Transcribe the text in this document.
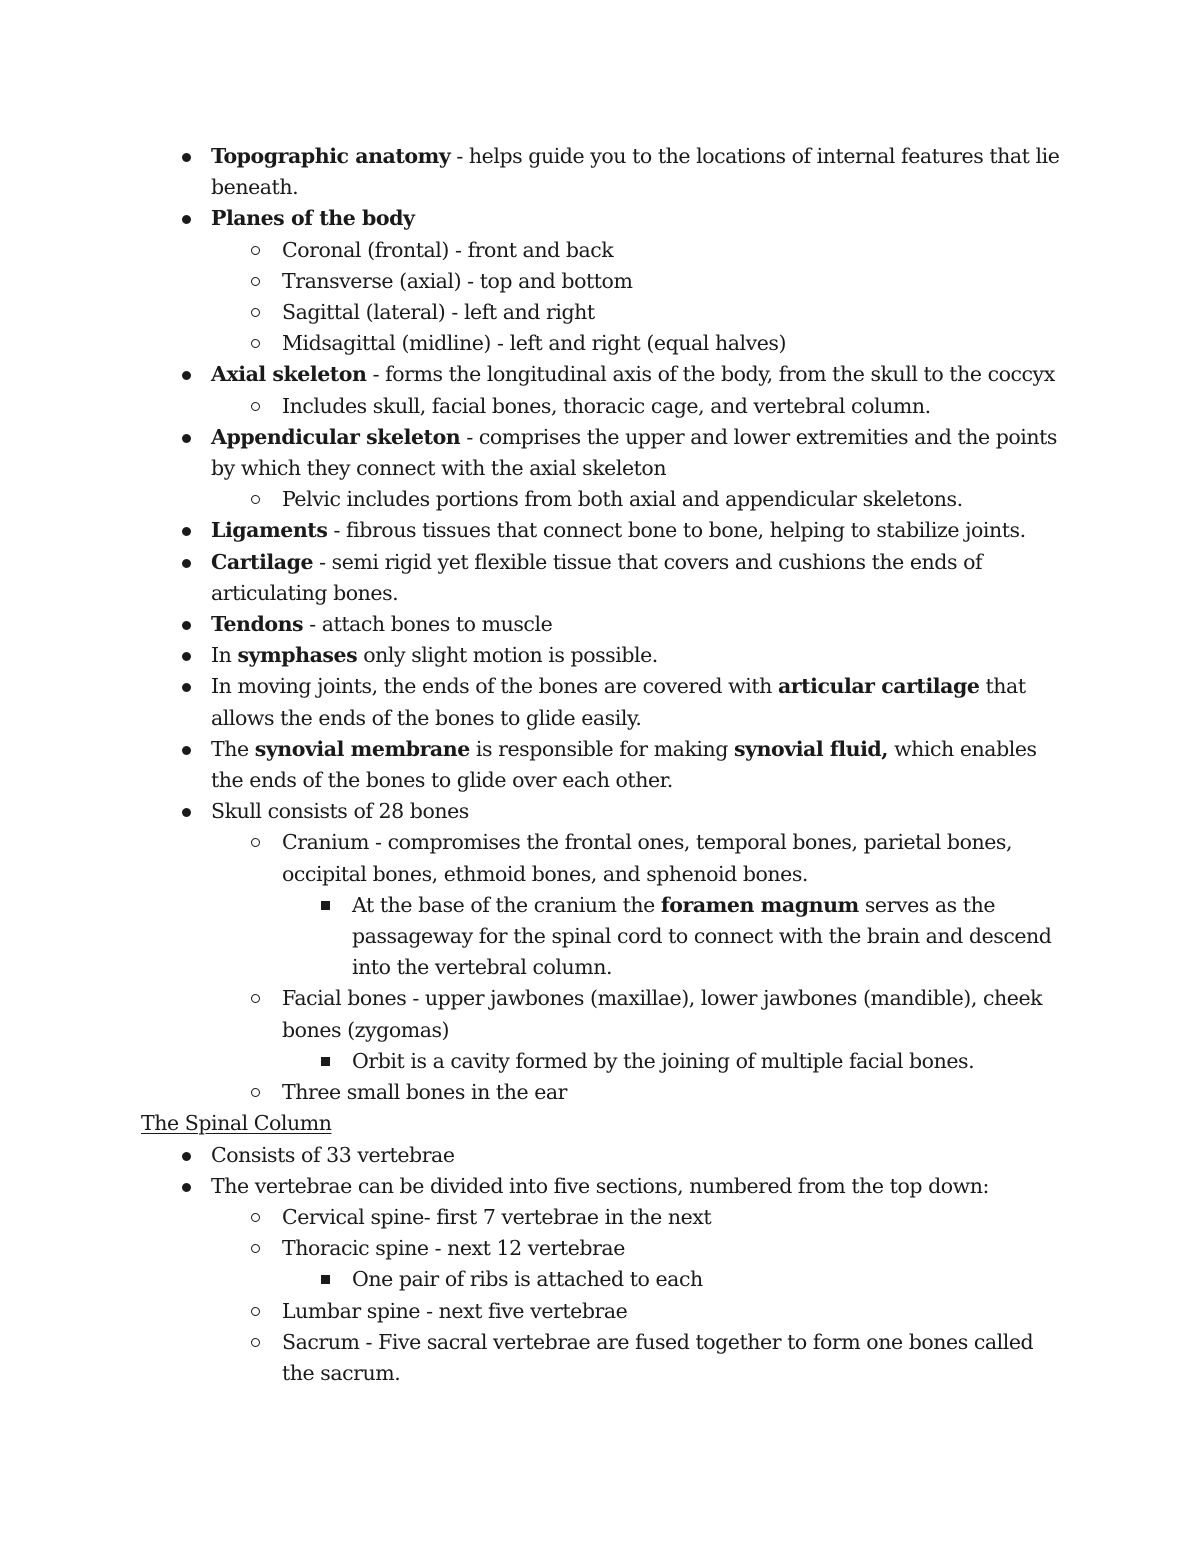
Topographic anatomy - helps guide you to the locations of internal features that lie beneath.
Planes of the body
Coronal (frontal) - front and back
Transverse (axial) - top and bottom
Sagittal (lateral) - left and right
Midsagittal (midline) - left and right (equal halves)
Axial skeleton - forms the longitudinal axis of the body, from the skull to the coccyx
Includes skull, facial bones, thoracic cage, and vertebral column.
Appendicular skeleton - comprises the upper and lower extremities and the points by which they connect with the axial skeleton
Pelvic includes portions from both axial and appendicular skeletons.
Ligaments - fibrous tissues that connect bone to bone, helping to stabilize joints.
Cartilage - semi rigid yet flexible tissue that covers and cushions the ends of articulating bones.
Tendons - attach bones to muscle
In symphases only slight motion is possible.
In moving joints, the ends of the bones are covered with articular cartilage that allows the ends of the bones to glide easily.
The synovial membrane is responsible for making synovial fluid, which enables the ends of the bones to glide over each other.
Skull consists of 28 bones
Cranium - compromises the frontal ones, temporal bones, parietal bones, occipital bones, ethmoid bones, and sphenoid bones.
At the base of the cranium the foramen magnum serves as the passageway for the spinal cord to connect with the brain and descend into the vertebral column.
Facial bones - upper jawbones (maxillae), lower jawbones (mandible), cheek bones (zygomas)
Orbit is a cavity formed by the joining of multiple facial bones.
Three small bones in the ear
The Spinal Column
Consists of 33 vertebrae
The vertebrae can be divided into five sections, numbered from the top down:
Cervical spine- first 7 vertebrae in the next
Thoracic spine - next 12 vertebrae
One pair of ribs is attached to each
Lumbar spine - next five vertebrae
Sacrum - Five sacral vertebrae are fused together to form one bones called the sacrum.
